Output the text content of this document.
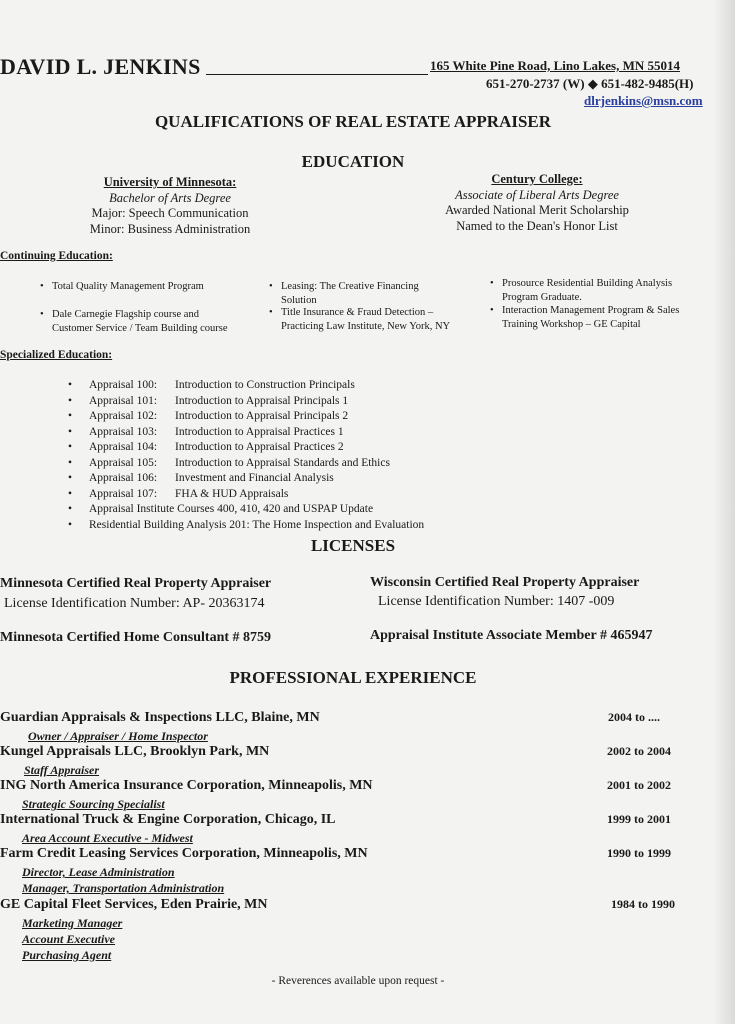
DAVID L. JENKINS	165 White Pine Road, Lino Lakes, MN 55014
651-270-2737 (W) ◆ 651-482-9485(H)
dlrjenkins@msn.com
QUALIFICATIONS OF REAL ESTATE APPRAISER
EDUCATION
University of Minnesota:
Bachelor of Arts Degree
Major: Speech Communication
Minor: Business Administration
Century College:
Associate of Liberal Arts Degree
Awarded National Merit Scholarship
Named to the Dean's Honor List
Continuing Education:
• Total Quality Management Program
• Dale Carnegie Flagship course and
Customer Service / Team Building course
• Leasing: The Creative Financing
Solution
• Title Insurance & Fraud Detection –
Practicing Law Institute, New York, NY
• Prosource Residential Building Analysis
Program Graduate.
• Interaction Management Program & Sales
Training Workshop – GE Capital
Specialized Education:
• Appraisal 100: Introduction to Construction Principals
• Appraisal 101: Introduction to Appraisal Principals 1
• Appraisal 102: Introduction to Appraisal Principals 2
• Appraisal 103: Introduction to Appraisal Practices 1
• Appraisal 104: Introduction to Appraisal Practices 2
• Appraisal 105: Introduction to Appraisal Standards and Ethics
• Appraisal 106: Investment and Financial Analysis
• Appraisal 107: FHA & HUD Appraisals
• Appraisal Institute Courses 400, 410, 420 and USPAP Update
• Residential Building Analysis 201: The Home Inspection and Evaluation
LICENSES
Minnesota Certified Real Property Appraiser
License Identification Number: AP- 20363174
Wisconsin Certified Real Property Appraiser
License Identification Number: 1407 -009
Minnesota Certified Home Consultant # 8759	Appraisal Institute Associate Member # 465947
PROFESSIONAL EXPERIENCE
Guardian Appraisals & Inspections LLC, Blaine, MN	2004 to ....
Owner / Appraiser / Home Inspector
Kungel Appraisals LLC, Brooklyn Park, MN	2002 to 2004
Staff Appraiser
ING North America Insurance Corporation, Minneapolis, MN	2001 to 2002
Strategic Sourcing Specialist
International Truck & Engine Corporation, Chicago, IL	1999 to 2001
Area Account Executive - Midwest
Farm Credit Leasing Services Corporation, Minneapolis, MN	1990 to 1999
Director, Lease Administration
Manager, Transportation Administration
GE Capital Fleet Services, Eden Prairie, MN	1984 to 1990
Marketing Manager
Account Executive
Purchasing Agent
- Reverences available upon request -
